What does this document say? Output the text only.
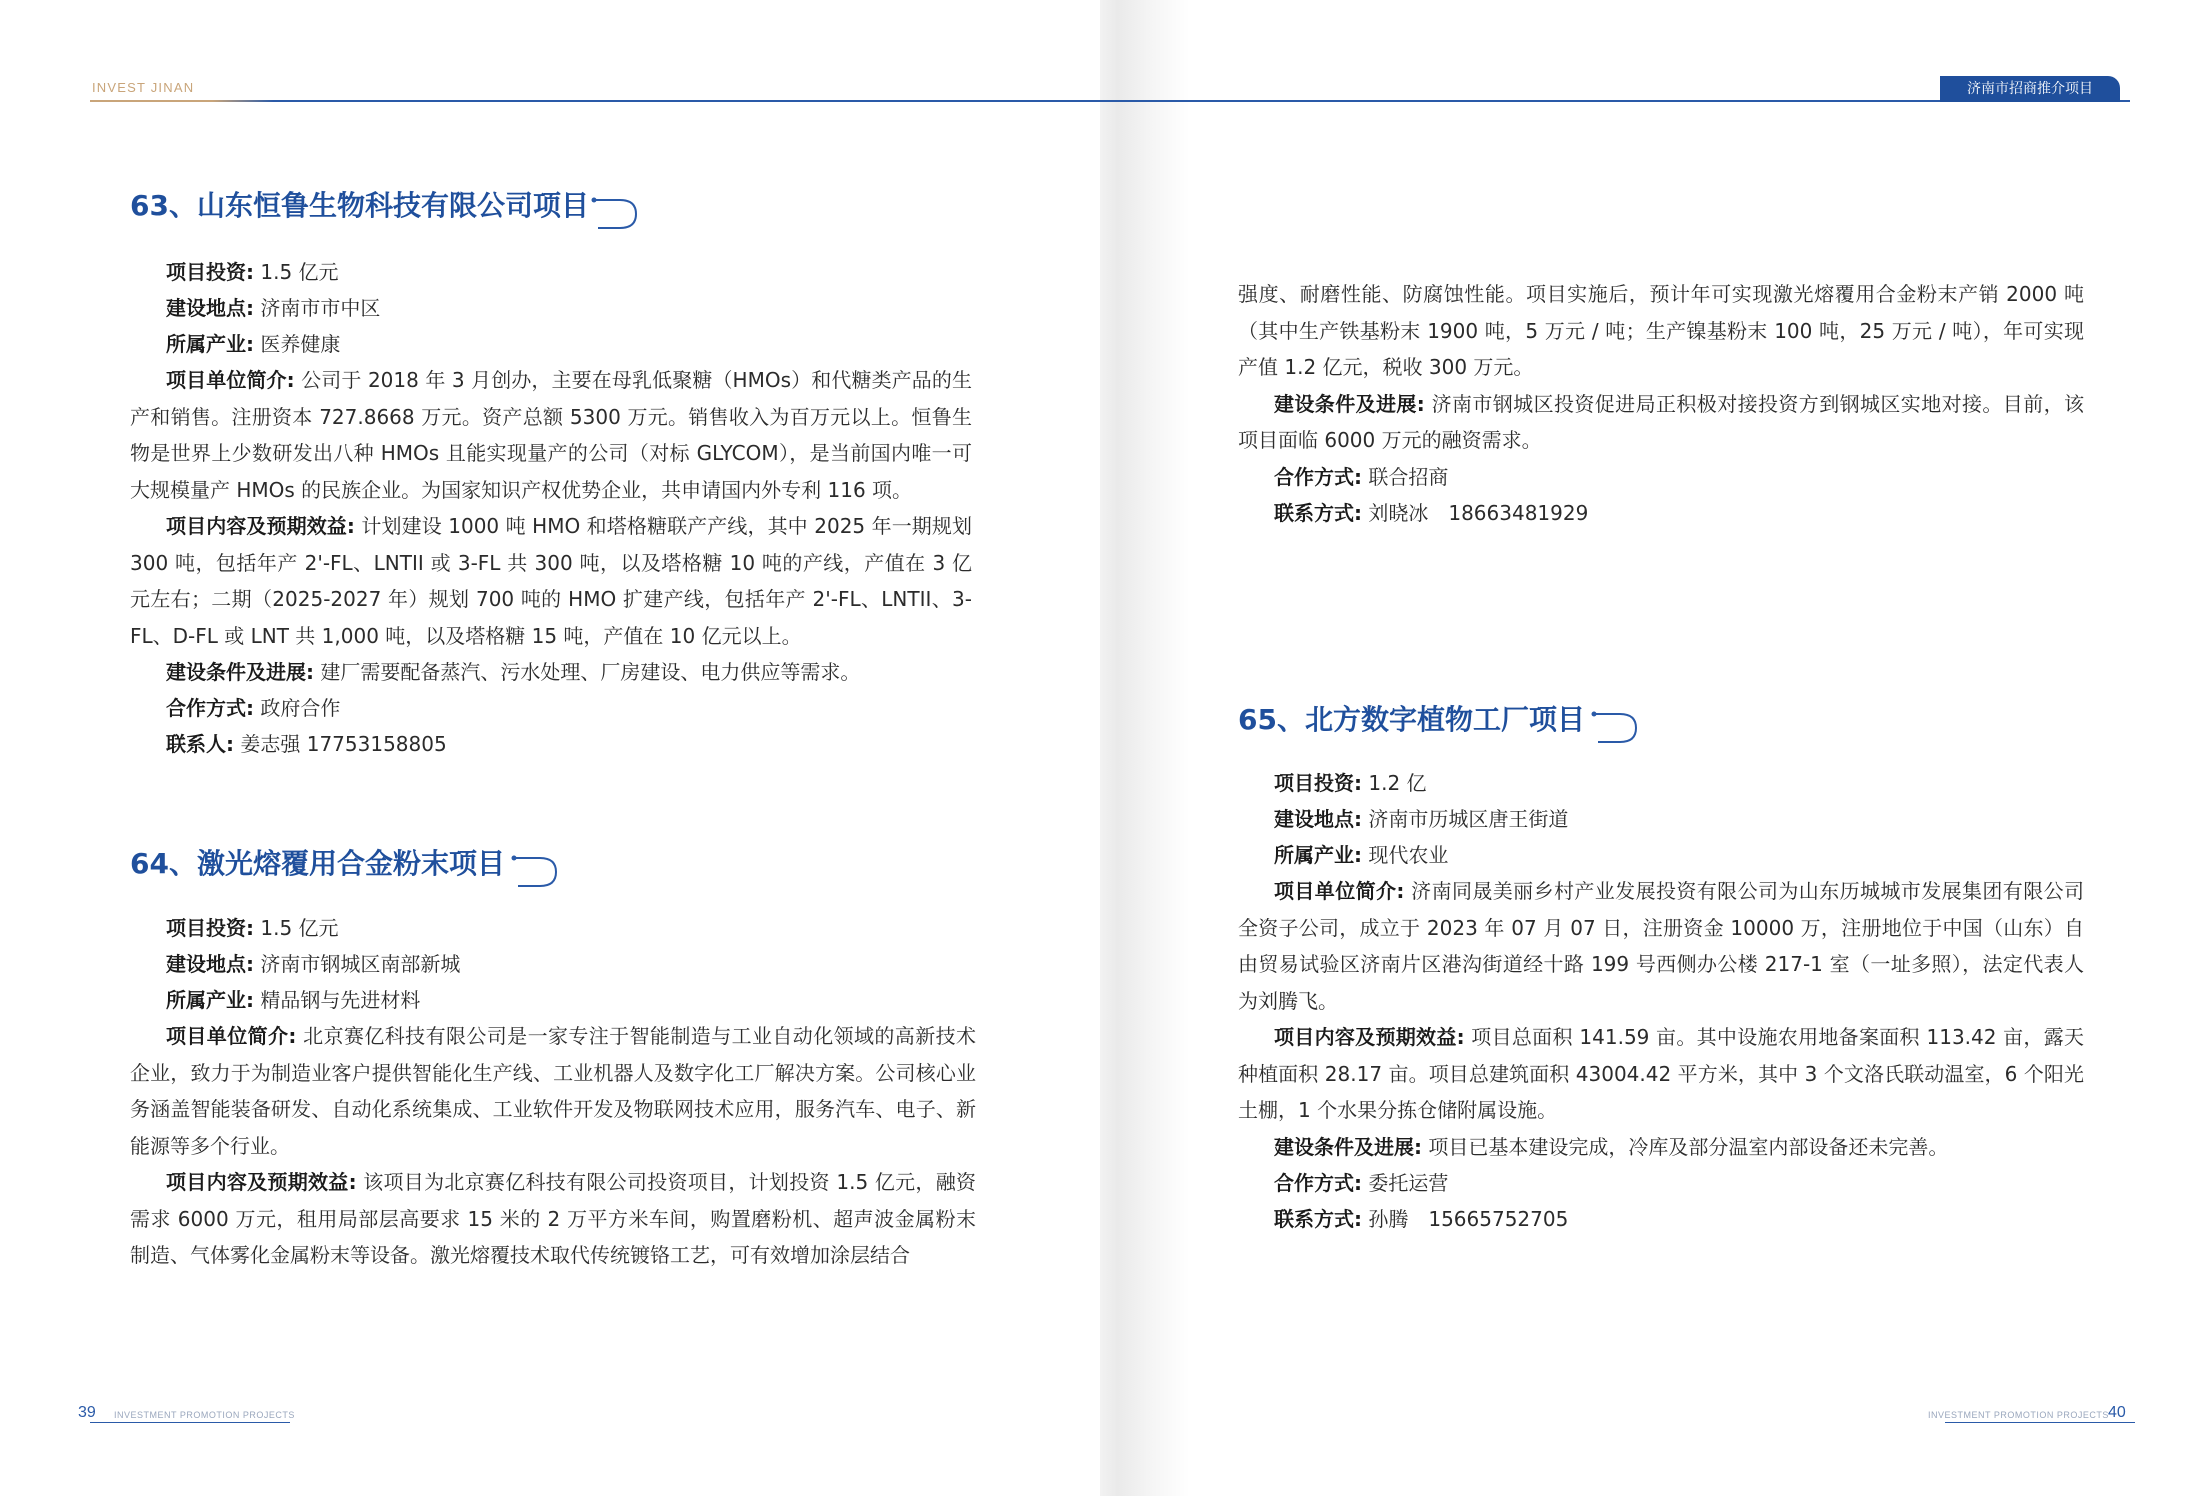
INVEST JINAN	济南市招商推介项目
63、山东恒鲁生物科技有限公司项目
项目投资: 1.5 亿元
建设地点: 济南市市中区
所属产业: 医养健康
项目单位简介: 公司于 2018 年 3 月创办，主要在母乳低聚糖（HMOs）和代糖类产品的生产和销售。注册资本 727.8668 万元。资产总额 5300 万元。销售收入为百万元以上。恒鲁生物是世界上少数研发出八种 HMOs 且能实现量产的公司（对标 GLYCOM），是当前国内唯一可大规模量产 HMOs 的民族企业。为国家知识产权优势企业，共申请国内外专利 116 项。
项目内容及预期效益: 计划建设 1000 吨 HMO 和塔格糖联产产线，其中 2025 年一期规划 300 吨，包括年产 2'-FL、LNTII 或 3-FL 共 300 吨，以及塔格糖 10 吨的产线，产值在 3 亿元左右；二期（2025-2027 年）规划 700 吨的 HMO 扩建产线，包括年产 2'-FL、LNTII、3-FL、D-FL 或 LNT 共 1,000 吨，以及塔格糖 15 吨，产值在 10 亿元以上。
建设条件及进展: 建厂需要配备蒸汽、污水处理、厂房建设、电力供应等需求。
合作方式: 政府合作
联系人: 姜志强 17753158805
64、激光熔覆用合金粉末项目
项目投资: 1.5 亿元
建设地点: 济南市钢城区南部新城
所属产业: 精品钢与先进材料
项目单位简介: 北京赛亿科技有限公司是一家专注于智能制造与工业自动化领域的高新技术企业，致力于为制造业客户提供智能化生产线、工业机器人及数字化工厂解决方案。公司核心业务涵盖智能装备研发、自动化系统集成、工业软件开发及物联网技术应用，服务汽车、电子、新能源等多个行业。
项目内容及预期效益: 该项目为北京赛亿科技有限公司投资项目，计划投资 1.5 亿元，融资需求 6000 万元，租用局部层高要求 15 米的 2 万平方米车间，购置磨粉机、超声波金属粉末制造、气体雾化金属粉末等设备。激光熔覆技术取代传统镀铬工艺，可有效增加涂层结合
强度、耐磨性能、防腐蚀性能。项目实施后，预计年可实现激光熔覆用合金粉末产销 2000 吨（其中生产铁基粉末 1900 吨，5 万元 / 吨；生产镍基粉末 100 吨，25 万元 / 吨），年可实现产值 1.2 亿元，税收 300 万元。
建设条件及进展: 济南市钢城区投资促进局正积极对接投资方到钢城区实地对接。目前，该项目面临 6000 万元的融资需求。
合作方式: 联合招商
联系方式: 刘晓冰　18663481929
65、北方数字植物工厂项目
项目投资: 1.2 亿
建设地点: 济南市历城区唐王街道
所属产业: 现代农业
项目单位简介: 济南同晟美丽乡村产业发展投资有限公司为山东历城城市发展集团有限公司全资子公司，成立于 2023 年 07 月 07 日，注册资金 10000 万，注册地位于中国（山东）自由贸易试验区济南片区港沟街道经十路 199 号西侧办公楼 217-1 室（一址多照），法定代表人为刘腾飞。
项目内容及预期效益: 项目总面积 141.59 亩。其中设施农用地备案面积 113.42 亩，露天种植面积 28.17 亩。项目总建筑面积 43004.42 平方米，其中 3 个文洛氏联动温室，6 个阳光土棚，1 个水果分拣仓储附属设施。
建设条件及进展: 项目已基本建设完成，冷库及部分温室内部设备还未完善。
合作方式: 委托运营
联系方式: 孙腾　15665752705
39 INVESTMENT PROMOTION PROJECTS	INVESTMENT PROMOTION PROJECTS 40
